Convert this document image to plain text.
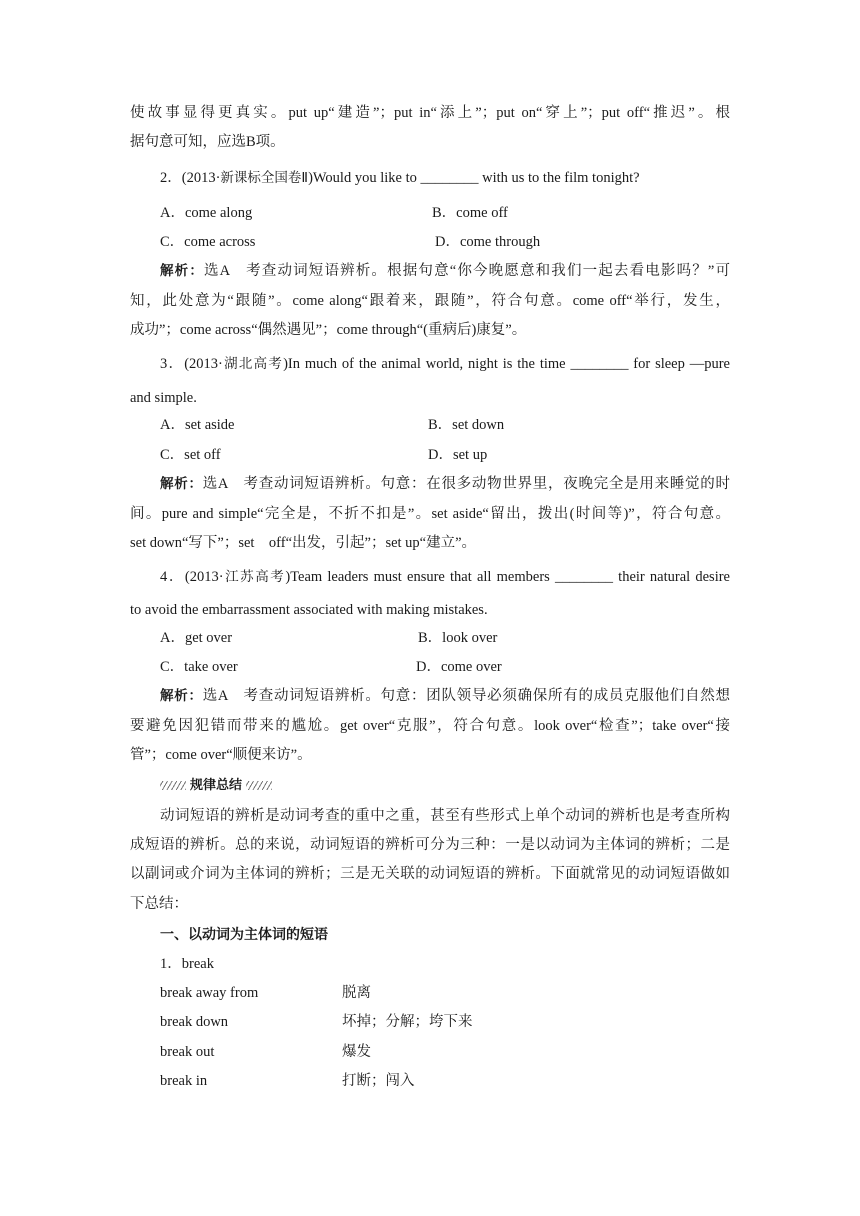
使故事显得更真实。put up“建造”；put in“添上”；put on“穿上”；put off“推迟”。根
据句意可知，应选B项。
2．(2013·新课标全国卷Ⅱ)Would you like to ________ with us to the film tonight?
A．come along	B．come off
C．come across	D．come through
解析：选A　考查动词短语辨析。根据句意“你今晚愿意和我们一起去看电影吗？”可
知，此处意为“跟随”。come along“跟着来，跟随”，符合句意。come off“举行，发生，
成功”；come across“偶然遇见”；come through“(重病后)康复”。
3．(2013·湖北高考)In much of the animal world, night is the time ________ for sleep —pure
and simple.
A．set aside	B．set down
C．set off	D．set up
解析：选A　考查动词短语辨析。句意：在很多动物世界里，夜晚完全是用来睡觉的时
间。pure and simple“完全是，不折不扣是”。set aside“留出，拨出(时间等)”，符合句意。
set down“写下”；set　off“出发，引起”；set up“建立”。
4．(2013·江苏高考)Team leaders must ensure that all members ________ their natural desire
to avoid the embarrassment associated with making mistakes.
A．get over	B．look over
C．take over	D．come over
解析：选A　考查动词短语辨析。句意：团队领导必须确保所有的成员克服他们自然想
要避免因犯错而带来的尴尬。get over“克服”，符合句意。look over“检查”；take over“接
管”；come over“顺便来访”。
规律总结
动词短语的辨析是动词考查的重中之重，甚至有些形式上单个动词的辨析也是考查所构
成短语的辨析。总的来说，动词短语的辨析可分为三种：一是以动词为主体词的辨析；二是
以副词或介词为主体词的辨析；三是无关联的动词短语的辨析。下面就常见的动词短语做如
下总结：
一、以动词为主体词的短语
1．break
break away from	脱离
break down	坏掉；分解；垮下来
break out	爆发
break in	打断；闯入
